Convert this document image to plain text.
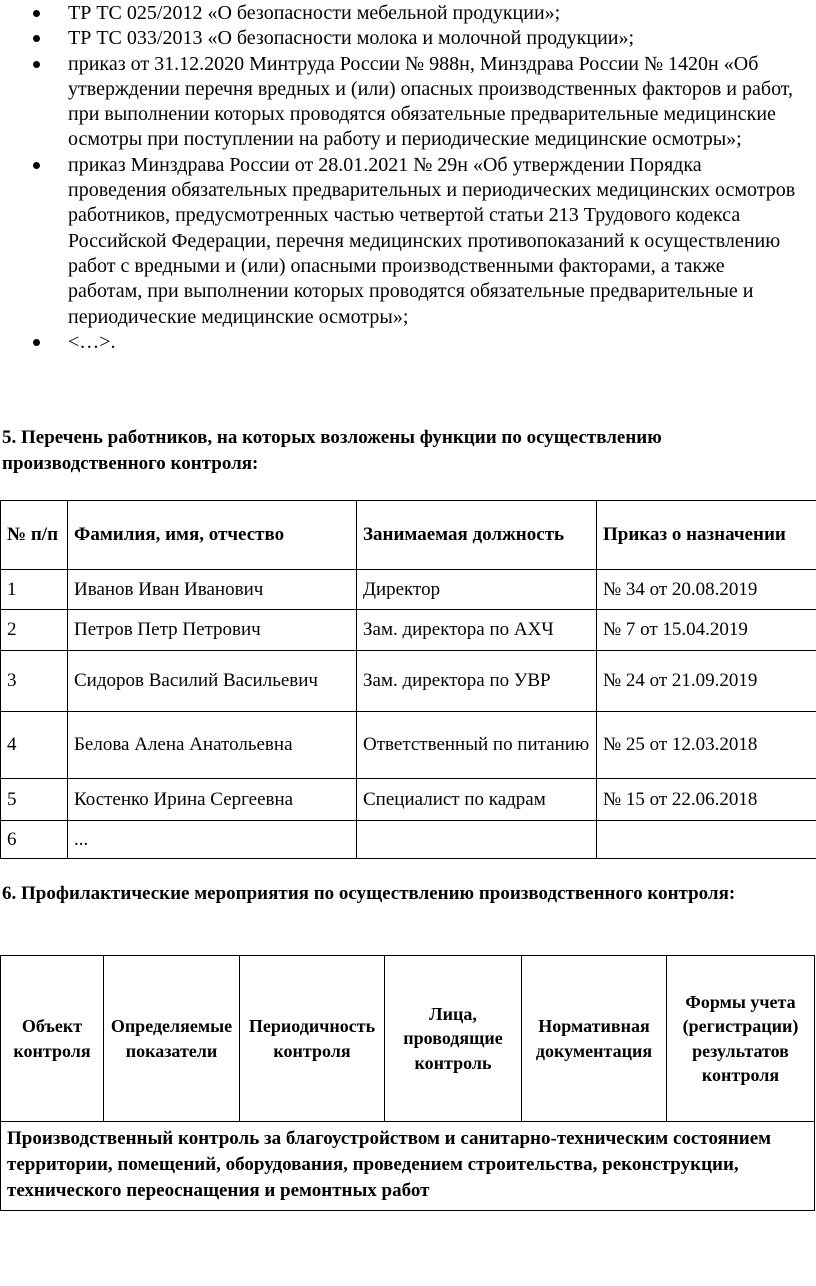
ТР ТС 025/2012 «О безопасности мебельной продукции»;
ТР ТС 033/2013 «О безопасности молока и молочной продукции»;
приказ от 31.12.2020 Минтруда России № 988н, Минздрава России № 1420н «Об утверждении перечня вредных и (или) опасных производственных факторов и работ, при выполнении которых проводятся обязательные предварительные медицинские осмотры при поступлении на работу и периодические медицинские осмотры»;
приказ Минздрава России от 28.01.2021 № 29н «Об утверждении Порядка проведения обязательных предварительных и периодических медицинских осмотров работников, предусмотренных частью четвертой статьи 213 Трудового кодекса Российской Федерации, перечня медицинских противопоказаний к осуществлению работ с вредными и (или) опасными производственными факторами, а также работам, при выполнении которых проводятся обязательные предварительные и периодические медицинские осмотры»;
<…>.
5. Перечень работников, на которых возложены функции по осуществлению производственного контроля:
№ п/п	Фамилия, имя, отчество	Занимаемая должность	Приказ о назначении
1	Иванов Иван Иванович	Директор	№ 34 от 20.08.2019
2	Петров Петр Петрович	Зам. директора по АХЧ	№ 7 от 15.04.2019
3	Сидоров Василий Васильевич	Зам. директора по УВР	№ 24 от 21.09.2019
4	Белова Алена Анатольевна	Ответственный по питанию	№ 25 от 12.03.2018
5	Костенко Ирина Сергеевна	Специалист по кадрам	№ 15 от 22.06.2018
6	...		
6. Профилактические мероприятия по осуществлению производственного контроля:
Объект контроля	Определяемые показатели	Периодичность контроля	Лица, проводящие контроль	Нормативная документация	Формы учета (регистрации) результатов контроля
Производственный контроль за благоустройством и санитарно-техническим состоянием территории, помещений, оборудования, проведением строительства, реконструкции, технического переоснащения и ремонтных работ
